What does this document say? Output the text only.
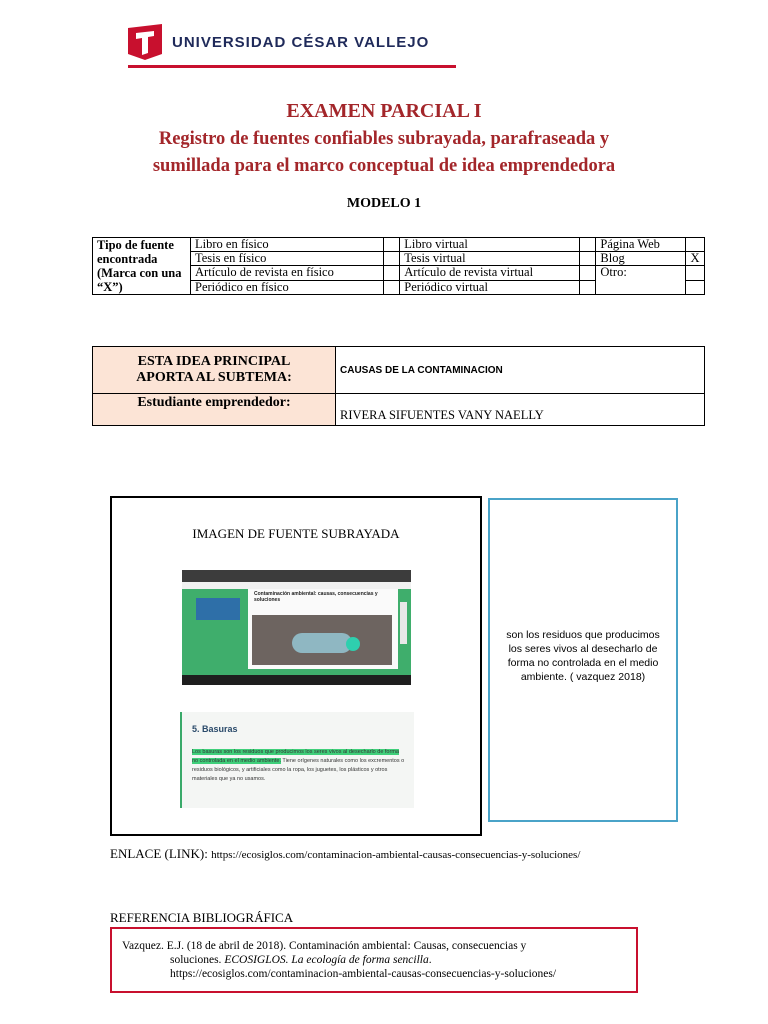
UNIVERSIDAD CÉSAR VALLEJO
EXAMEN PARCIAL I
Registro de fuentes confiables subrayada, parafraseada y
sumillada para el marco conceptual de idea emprendedora
MODELO 1
Tipo de fuente
encontrada
(Marca con una
“X”)	Libro en físico		Libro virtual		Página Web	
	Tesis en físico		Tesis virtual		Blog	X
	Artículo de revista en físico		Artículo de revista virtual		Otro:	
	Periódico en físico		Periódico virtual			
ESTA IDEA PRINCIPAL
APORTA AL SUBTEMA:	CAUSAS DE LA CONTAMINACION
Estudiante emprendedor:	RIVERA SIFUENTES VANY NAELLY
IMAGEN DE FUENTE SUBRAYADA
Contaminación ambiental: causas, consecuencias y soluciones
5. Basuras
Los basuras son los residuos que producimos los seres vivos al desecharlo de forma no controlada en el medio ambiente. Tiene orígenes naturales como los excrementos o residuos biológicos, y artificiales como la ropa, los juguetes, los plásticos y otros materiales que ya no usamos.
son los residuos que producimos los seres vivos al desecharlo de forma no controlada en el medio ambiente. ( vazquez 2018)
ENLACE (LINK): https://ecosiglos.com/contaminacion-ambiental-causas-consecuencias-y-soluciones/
REFERENCIA BIBLIOGRÁFICA
Vazquez. E.J. (18 de abril de 2018). Contaminación ambiental: Causas, consecuencias y
soluciones. ECOSIGLOS. La ecología de forma sencilla.
https://ecosiglos.com/contaminacion-ambiental-causas-consecuencias-y-soluciones/
